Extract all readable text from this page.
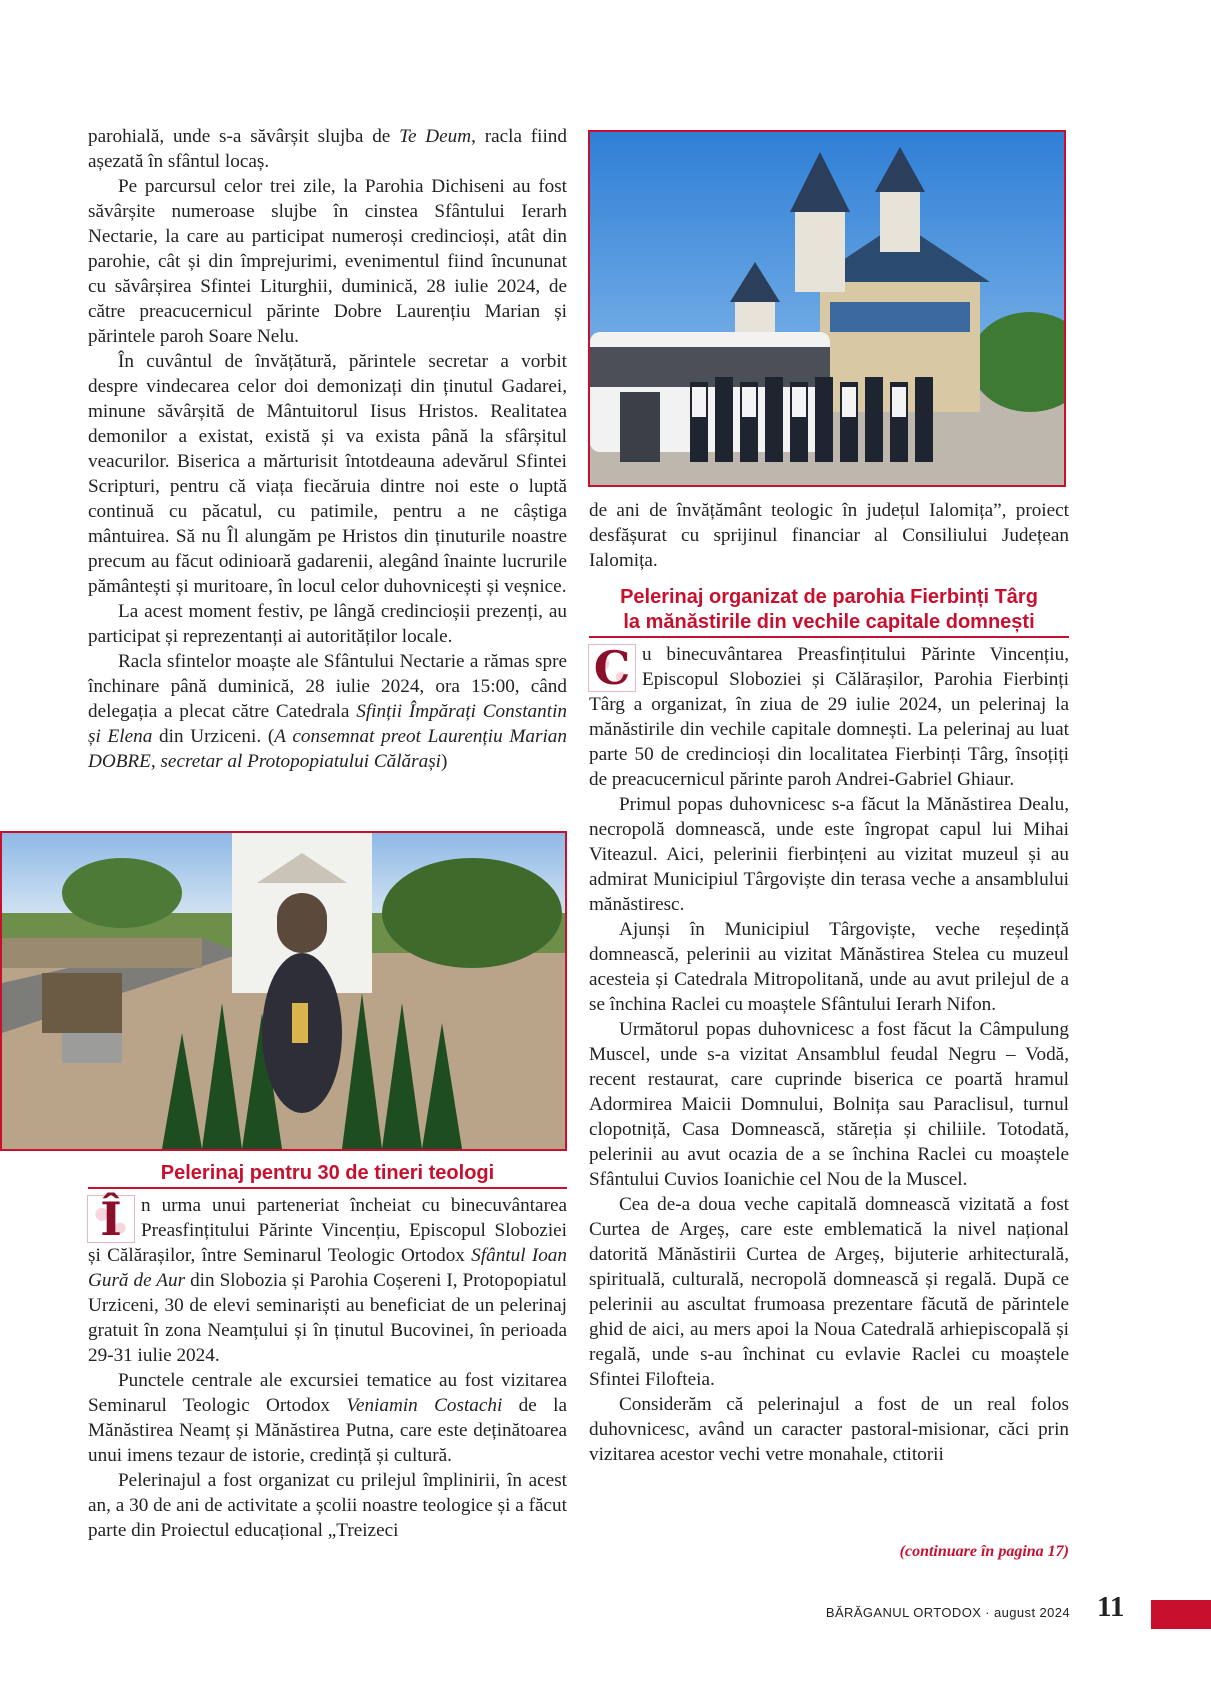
parohială, unde s-a săvârșit slujba de Te Deum, racla fiind așezată în sfântul locaș.

Pe parcursul celor trei zile, la Parohia Dichiseni au fost săvârșite numeroase slujbe în cinstea Sfântului Ierarh Nectarie, la care au participat numeroși credincioși, atât din parohie, cât și din împrejurimi, evenimentul fiind încununat cu săvârșirea Sfintei Liturghii, duminică, 28 iulie 2024, de către preacucernicul părinte Dobre Laurențiu Marian și părintele paroh Soare Nelu.

În cuvântul de învățătură, părintele secretar a vorbit despre vindecarea celor doi demonizați din ținutul Gadarei, minune săvârșită de Mântuitorul Iisus Hristos. Realitatea demonilor a existat, există și va exista până la sfârșitul veacurilor. Biserica a mărturisit întotdeauna adevărul Sfintei Scripturi, pentru că viața fiecăruia dintre noi este o luptă continuă cu păcatul, cu patimile, pentru a ne câștiga mântuirea. Să nu Îl alungăm pe Hristos din ținuturile noastre precum au făcut odinioară gadarenii, alegând înainte lucrurile pământești și muritoare, în locul celor duhovnicești și veșnice.

La acest moment festiv, pe lângă credincioșii prezenți, au participat și reprezentanți ai autorităților locale.

Racla sfintelor moaște ale Sfântului Nectarie a rămas spre închinare până duminică, 28 iulie 2024, ora 15:00, când delegația a plecat către Catedrala Sfinții Împărați Constantin și Elena din Urziceni. (A consemnat preot Laurențiu Marian DOBRE, secretar al Protopopiatului Călărași)

Pelerinaj pentru 30 de tineri teologi

Î	n urma unui parteneriat încheiat cu binecuvântarea Preasfințitului Părinte Vincențiu, Episcopul Sloboziei și Călărașilor, între Seminarul Teologic Ortodox Sfântul Ioan Gură de Aur din Slobozia și Parohia Coșereni I, Protopopiatul Urziceni, 30 de elevi seminariști au beneficiat de un pelerinaj gratuit în zona Neamțului și în ținutul Bucovinei, în perioada 29-31 iulie 2024.

Punctele centrale ale excursiei tematice au fost vizitarea Seminarul Teologic Ortodox Veniamin Costachi de la Mănăstirea Neamț și Mănăstirea Putna, care este deținătoarea unui imens tezaur de istorie, credință și cultură.

Pelerinajul a fost organizat cu prilejul împlinirii, în acest an, a 30 de ani de activitate a școlii noastre teologice și a făcut parte din Proiectul educațional „Treizeci

de ani de învățământ teologic în județul Ialomița”, proiect desfășurat cu sprijinul financiar al Consiliului Județean Ialomița.

Pelerinaj organizat de parohia Fierbinți Târg
la mănăstirile din vechile capitale domnești

C u binecuvântarea Preasfințitului Părinte Vincențiu, Episcopul Sloboziei și Călărașilor, Parohia Fierbinți Târg a organizat, în ziua de 29 iulie 2024, un pelerinaj la mănăstirile din vechile capitale domnești. La pelerinaj au luat parte 50 de credincioși din localitatea Fierbinți Târg, însoțiți de preacucernicul părinte paroh Andrei-Gabriel Ghiaur.

Primul popas duhovnicesc s-a făcut la Mănăstirea Dealu, necropolă domnească, unde este îngropat capul lui Mihai Viteazul. Aici, pelerinii fierbințeni au vizitat muzeul și au admirat Municipiul Târgoviște din terasa veche a ansamblului mănăstiresc.

Ajunși în Municipiul Târgoviște, veche reședință domnească, pelerinii au vizitat Mănăstirea Stelea cu muzeul acesteia și Catedrala Mitropolitană, unde au avut prilejul de a se închina Raclei cu moaștele Sfântului Ierarh Nifon.

Următorul popas duhovnicesc a fost făcut la Câmpulung Muscel, unde s-a vizitat Ansamblul feudal Negru – Vodă, recent restaurat, care cuprinde biserica ce poartă hramul Adormirea Maicii Domnului, Bolnița sau Paraclisul, turnul clopotniță, Casa Domnească, stăreția și chiliile. Totodată, pelerinii au avut ocazia de a se închina Raclei cu moaștele Sfântului Cuvios Ioanichie cel Nou de la Muscel.

Cea de-a doua veche capitală domnească vizitată a fost Curtea de Argeș, care este emblematică la nivel național datorită Mănăstirii Curtea de Argeș, bijuterie arhitecturală, spirituală, culturală, necropolă domnească și regală. După ce pelerinii au ascultat frumoasa prezentare făcută de părintele ghid de aici, au mers apoi la Noua Catedrală arhiepiscopală și regală, unde s-au închinat cu evlavie Raclei cu moaștele Sfintei Filofteia.

Considerăm că pelerinajul a fost de un real folos duhovnicesc, având un caracter pastoral-misionar, căci prin vizitarea acestor vechi vetre monahale, ctitorii

(continuare în pagina 17)
BĂRĂGANUL ORTODOX · august 2024 11
